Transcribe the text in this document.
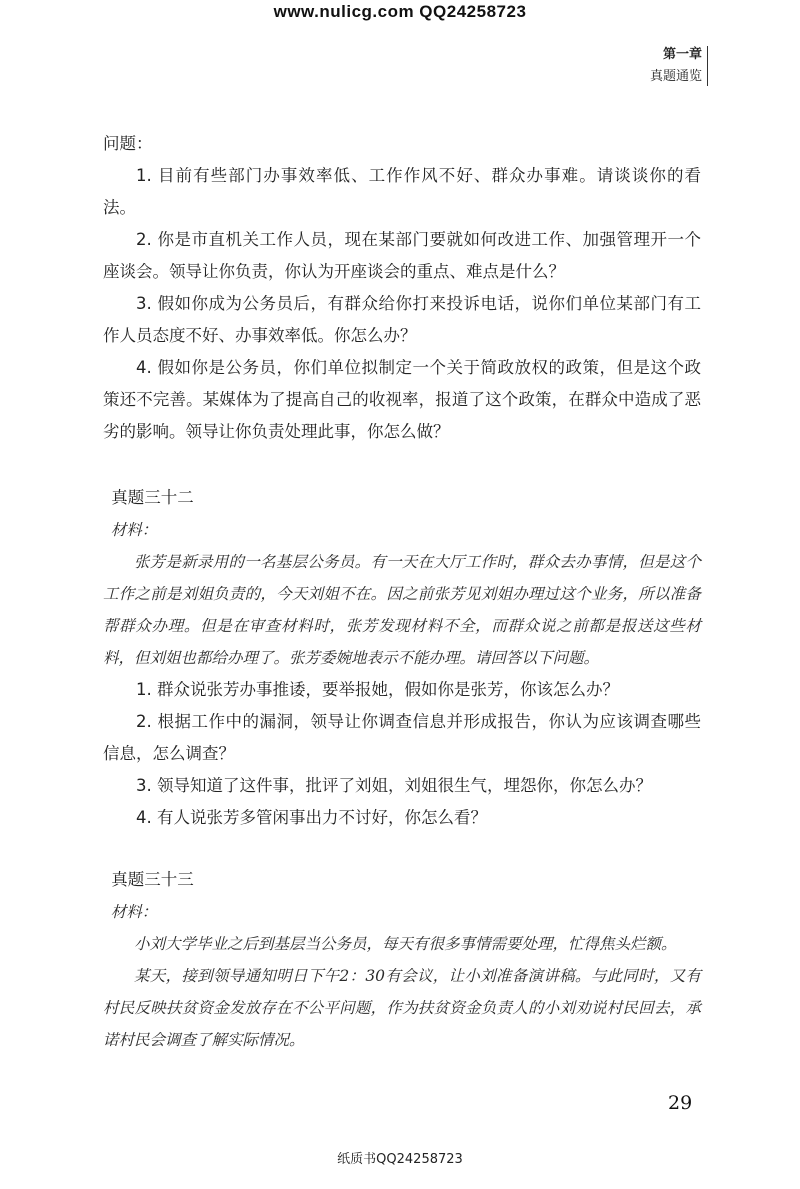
www.nulicg.com QQ24258723
第一章
真题通览

问题：

1. 目前有些部门办事效率低、工作作风不好、群众办事难。请谈谈你的看法。

2. 你是市直机关工作人员，现在某部门要就如何改进工作、加强管理开一个座谈会。领导让你负责，你认为开座谈会的重点、难点是什么？

3. 假如你成为公务员后，有群众给你打来投诉电话，说你们单位某部门有工作人员态度不好、办事效率低。你怎么办？

4. 假如你是公务员，你们单位拟制定一个关于简政放权的政策，但是这个政策还不完善。某媒体为了提高自己的收视率，报道了这个政策，在群众中造成了恶劣的影响。领导让你负责处理此事，你怎么做？

真题三十二

材料：

张芳是新录用的一名基层公务员。有一天在大厅工作时，群众去办事情，但是这个工作之前是刘姐负责的，今天刘姐不在。因之前张芳见刘姐办理过这个业务，所以准备帮群众办理。但是在审查材料时，张芳发现材料不全，而群众说之前都是报送这些材料，但刘姐也都给办理了。张芳委婉地表示不能办理。请回答以下问题。

1. 群众说张芳办事推诿，要举报她，假如你是张芳，你该怎么办？

2. 根据工作中的漏洞，领导让你调查信息并形成报告，你认为应该调查哪些信息，怎么调查？

3. 领导知道了这件事，批评了刘姐，刘姐很生气，埋怨你，你怎么办？

4. 有人说张芳多管闲事出力不讨好，你怎么看？

真题三十三

材料：

小刘大学毕业之后到基层当公务员，每天有很多事情需要处理，忙得焦头烂额。

某天，接到领导通知明日下午2：30有会议，让小刘准备演讲稿。与此同时，又有村民反映扶贫资金发放存在不公平问题，作为扶贫资金负责人的小刘劝说村民回去，承诺村民会调查了解实际情况。

29
纸质书QQ24258723
